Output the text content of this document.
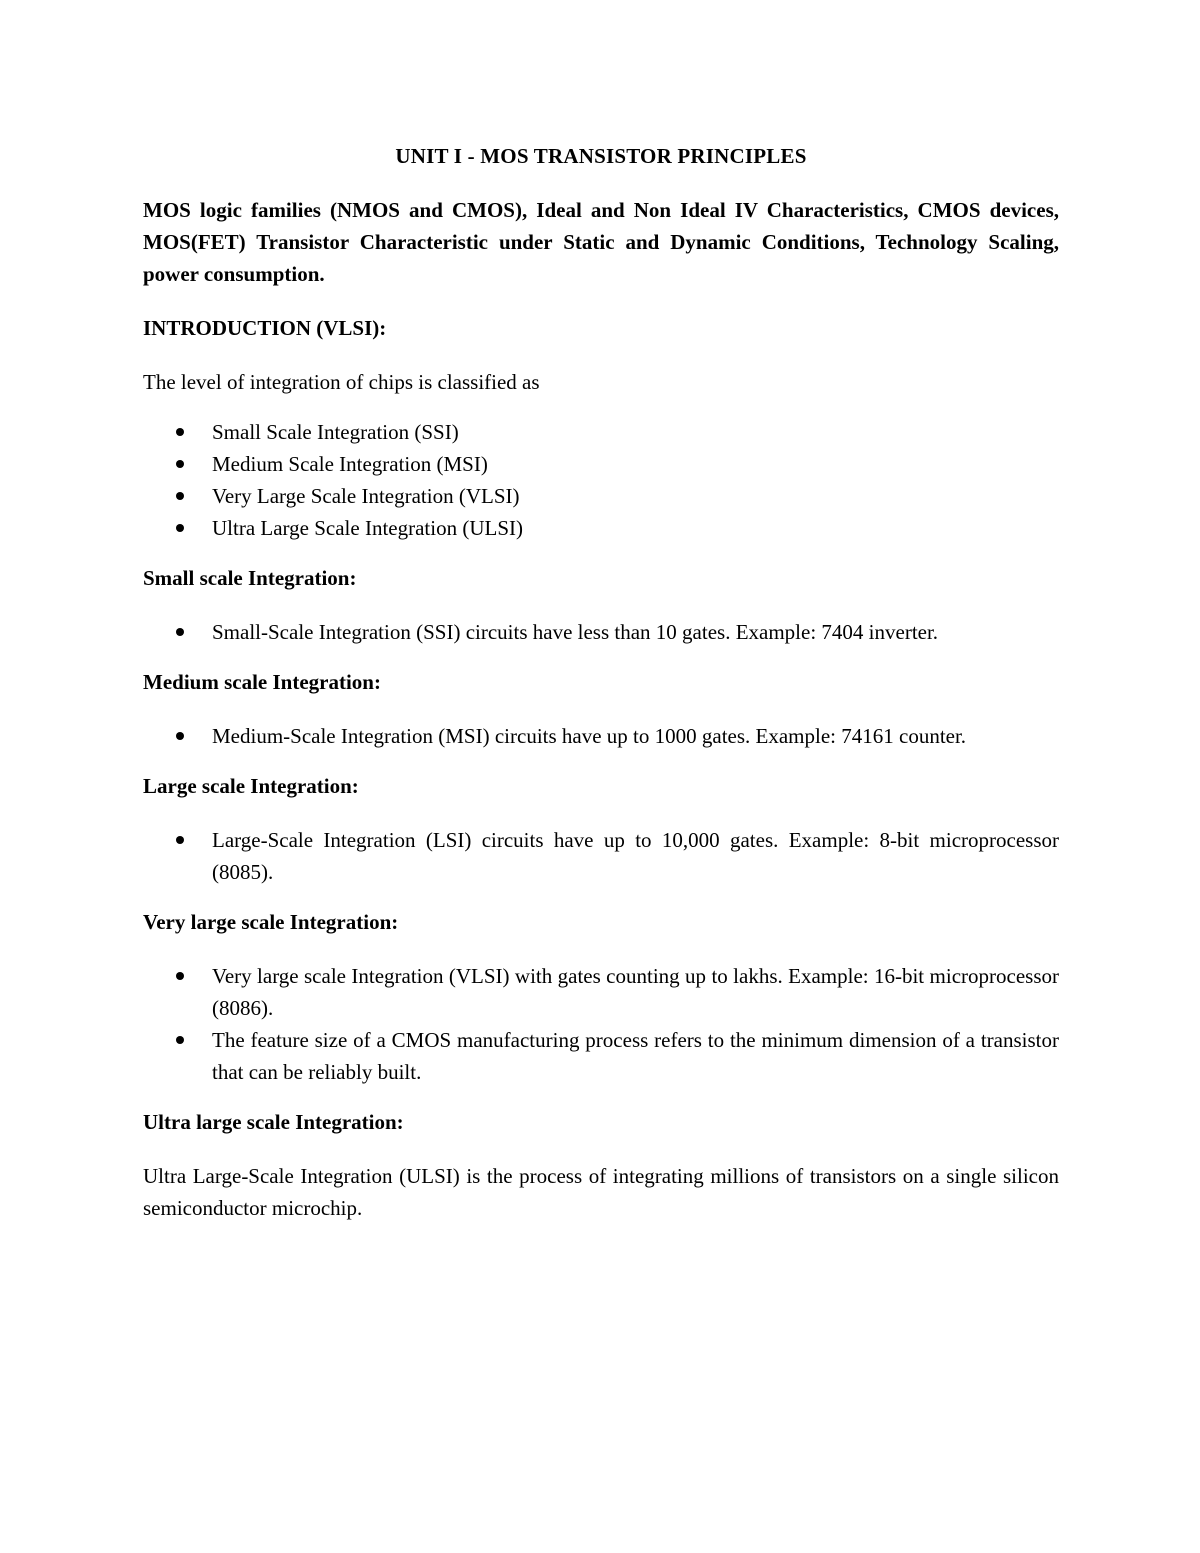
UNIT I - MOS TRANSISTOR PRINCIPLES
MOS logic families (NMOS and CMOS), Ideal and Non Ideal IV Characteristics, CMOS devices, MOS(FET) Transistor Characteristic under Static and Dynamic Conditions, Technology Scaling, power consumption.
INTRODUCTION (VLSI):
The level of integration of chips is classified as
Small Scale Integration (SSI)
Medium Scale Integration (MSI)
Very Large Scale Integration (VLSI)
Ultra Large Scale Integration (ULSI)
Small scale Integration:
Small-Scale Integration (SSI) circuits have less than 10 gates. Example: 7404 inverter.
Medium scale Integration:
Medium-Scale Integration (MSI) circuits have up to 1000 gates. Example: 74161 counter.
Large scale Integration:
Large-Scale Integration (LSI) circuits have up to 10,000 gates. Example: 8-bit microprocessor (8085).
Very large scale Integration:
Very large scale Integration (VLSI) with gates counting up to lakhs. Example: 16-bit microprocessor (8086).
The feature size of a CMOS manufacturing process refers to the minimum dimension of a transistor that can be reliably built.
Ultra large scale Integration:
Ultra Large-Scale Integration (ULSI) is the process of integrating millions of transistors on a single silicon semiconductor microchip.
